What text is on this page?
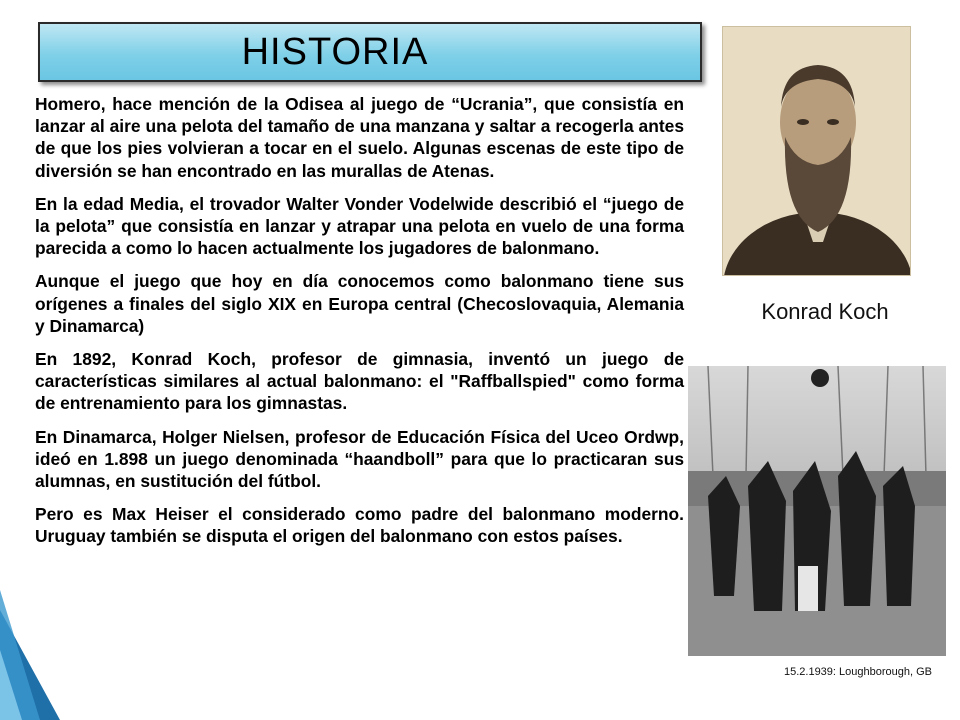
HISTORIA

Homero, hace mención de la Odisea al juego de “Ucrania”, que consistía en lanzar al aire una pelota del tamaño de una manzana y saltar a recogerla antes de que los pies volvieran a tocar en el suelo. Algunas escenas de este tipo de diversión se han encontrado en las murallas de Atenas.

En la edad Media, el trovador Walter Vonder Vodelwide describió el “juego de la pelota” que consistía en lanzar y atrapar una pelota en vuelo de una forma parecida a como lo hacen actualmente los jugadores de balonmano.

Aunque el juego que hoy en día conocemos como balonmano tiene sus orígenes a finales del siglo XIX en Europa central (Checoslovaquia, Alemania y Dinamarca)

En 1892, Konrad Koch, profesor de gimnasia, inventó un juego de características similares al actual balonmano: el "Raffballspied" como forma de entrenamiento para los gimnastas.

En Dinamarca, Holger Nielsen, profesor de Educación Física del Uceo Ordwp, ideó en 1.898 un juego denominada “haandboll” para que lo practicaran sus alumnas, en sustitución del fútbol.

Pero es Max Heiser el considerado como padre del balonmano moderno. Uruguay también se disputa el origen del balonmano con estos países.

Konrad Koch
15.2.1939: Loughborough, GB
